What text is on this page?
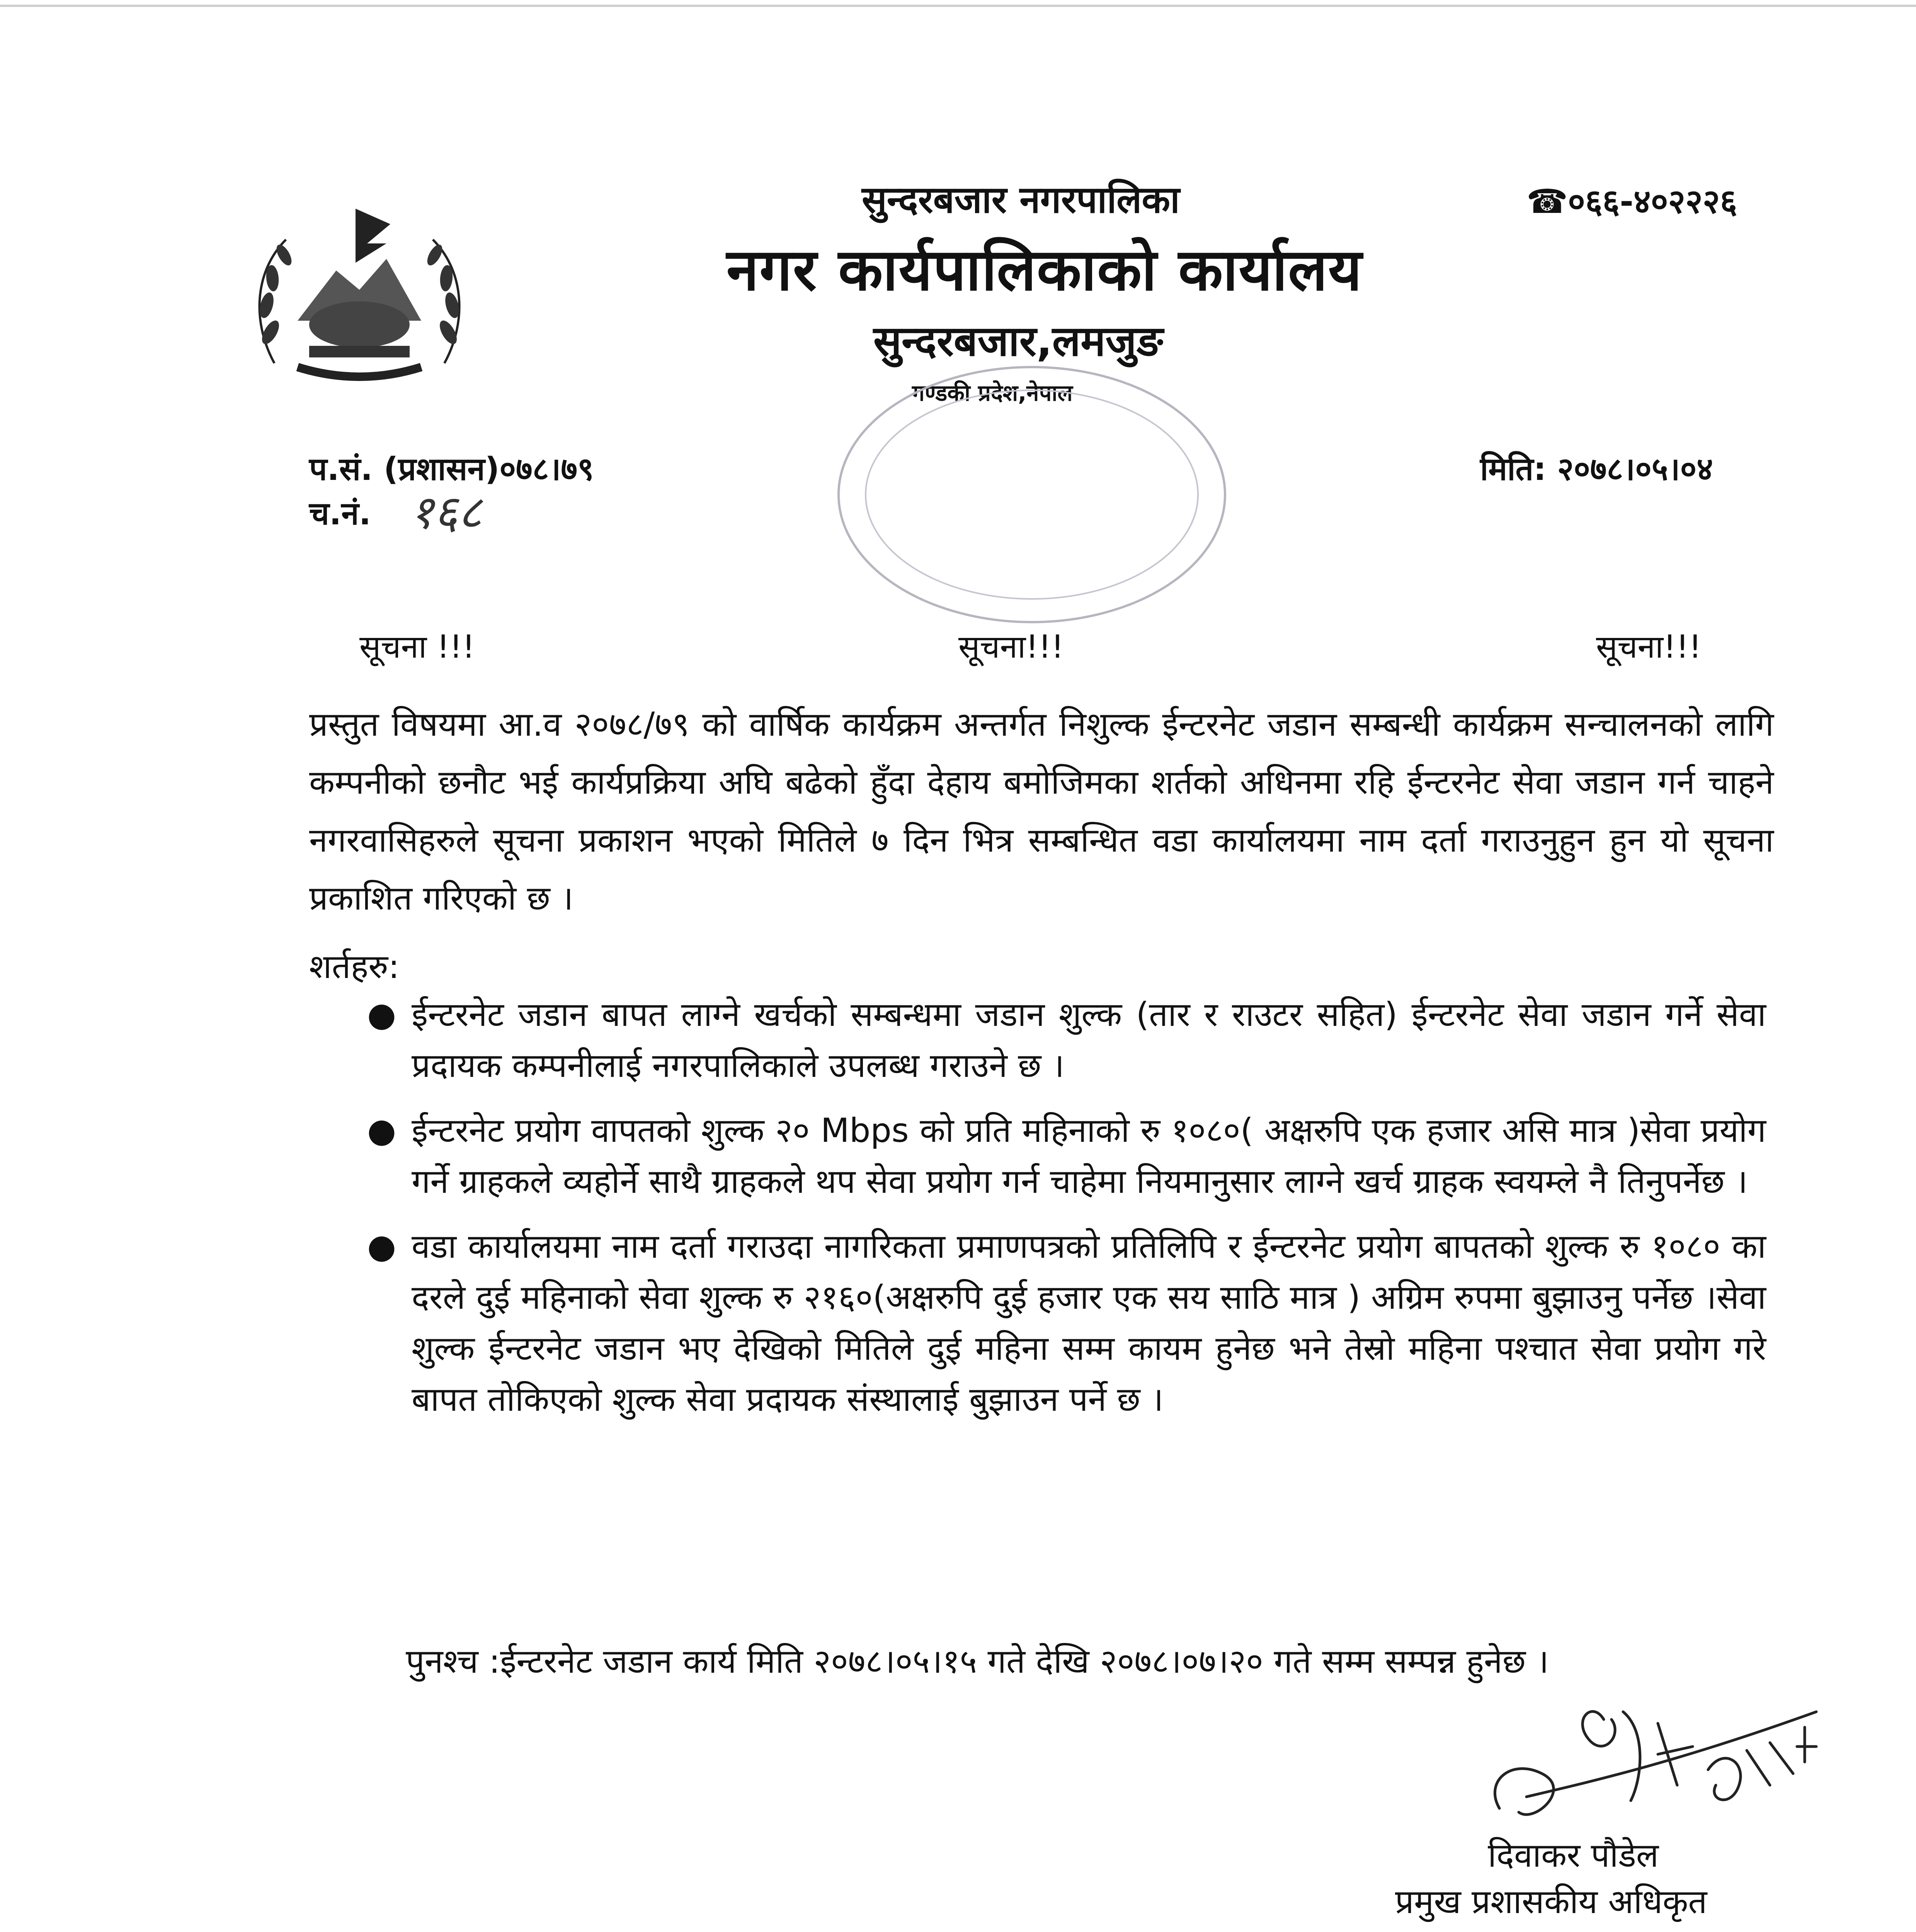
सुन्दरबजार नगरपालिका
नगर कार्यपालिकाको कार्यालय
सुन्दरबजार,लमजुङ
गण्डकी प्रदेश,नेपाल
☎०६६-४०२२२६
प.सं. (प्रशासन)०७८।७९
च.नं. १६८
मिति: २०७८।०५।०४
सूचना !!!	सूचना!!!	सूचना!!!
प्रस्तुत विषयमा आ.व २०७८/७९ को वार्षिक कार्यक्रम अन्तर्गत निशुल्क ईन्टरनेट जडान सम्बन्धी कार्यक्रम सन्चालनको लागि कम्पनीको छनौट भई कार्यप्रक्रिया अघि बढेको हुँदा देहाय बमोजिमका शर्तको अधिनमा रहि ईन्टरनेट सेवा जडान गर्न चाहने नगरवासिहरुले सूचना प्रकाशन भएको मितिले ७ दिन भित्र सम्बन्धित वडा कार्यालयमा नाम दर्ता गराउनुहुन हुन यो सूचना प्रकाशित गरिएको छ ।
शर्तहरु:
● ईन्टरनेट जडान बापत लाग्ने खर्चको सम्बन्धमा जडान शुल्क (तार र राउटर सहित) ईन्टरनेट सेवा जडान गर्ने सेवा प्रदायक कम्पनीलाई नगरपालिकाले उपलब्ध गराउने छ ।
● ईन्टरनेट प्रयोग वापतको शुल्क २० Mbps को प्रति महिनाको रु १०८०( अक्षरुपि एक हजार असि मात्र )सेवा प्रयोग गर्ने ग्राहकले व्यहोर्ने साथै ग्राहकले थप सेवा प्रयोग गर्न चाहेमा नियमानुसार लाग्ने खर्च ग्राहक स्वयम्ले नै तिनुपर्नेछ ।
● वडा कार्यालयमा नाम दर्ता गराउदा नागरिकता प्रमाणपत्रको प्रतिलिपि र ईन्टरनेट प्रयोग बापतको शुल्क रु १०८० का दरले दुई महिनाको सेवा शुल्क रु २१६०(अक्षरुपि दुई हजार एक सय साठि मात्र ) अग्रिम रुपमा बुझाउनु पर्नेछ ।सेवा शुल्क ईन्टरनेट जडान भए देखिको मितिले दुई महिना सम्म कायम हुनेछ भने तेस्रो महिना पश्चात सेवा प्रयोग गरे बापत तोकिएको शुल्क सेवा प्रदायक संस्थालाई बुझाउन पर्ने छ ।
पुनश्च :ईन्टरनेट जडान कार्य मिति २०७८।०५।१५ गते देखि २०७८।०७।२० गते सम्म सम्पन्न हुनेछ ।
दिवाकर पौडेल
प्रमुख प्रशासकीय अधिकृत
